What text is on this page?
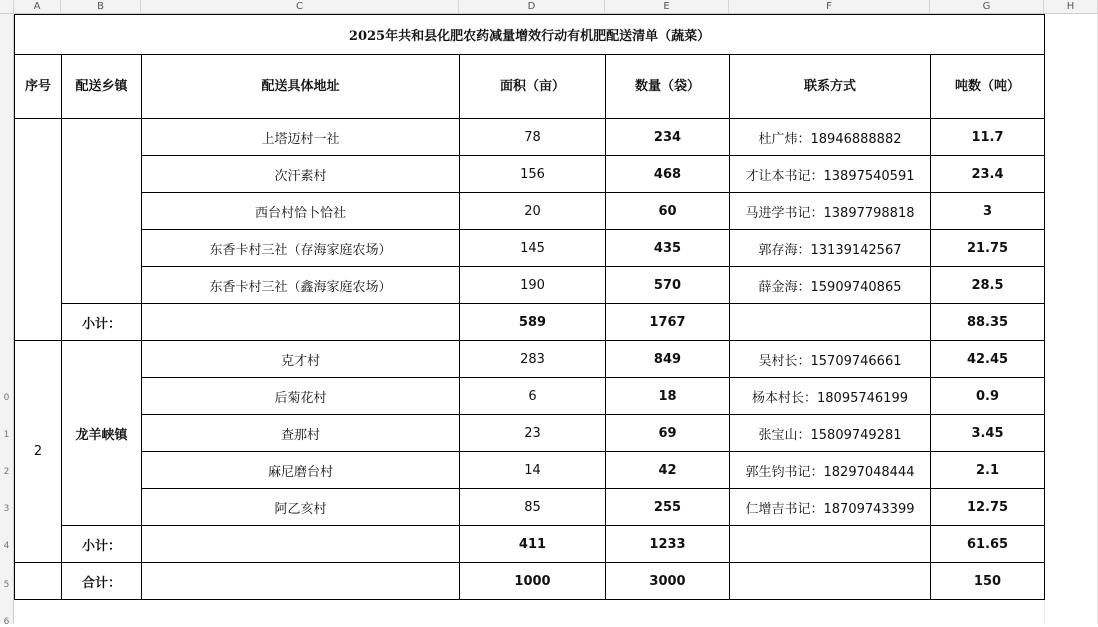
A	B	C	D	E	F	G	H
0
1
2
3
4
5
6
2025年共和县化肥农药减量增效行动有机肥配送清单（蔬菜）						
序号	配送乡镇	配送具体地址	面积（亩）	数量（袋）	联系方式	吨数（吨）
		上塔迈村一社	78	234	杜广炜：18946888882	11.7
		次汗素村	156	468	才让本书记：13897540591	23.4
		西台村恰卜恰社	20	60	马进学书记：13897798818	3
		东香卡村三社（存海家庭农场）	145	435	郭存海：13139142567	21.75
		东香卡村三社（鑫海家庭农场）	190	570	薛金海：15909740865	28.5
	小计：		589	1767		88.35
2	龙羊峡镇	克才村	283	849	吴村长：15709746661	42.45
		后菊花村	6	18	杨本村长：18095746199	0.9
		查那村	23	69	张宝山：15809749281	3.45
		麻尼磨台村	14	42	郭生钧书记：18297048444	2.1
		阿乙亥村	85	255	仁增吉书记：18709743399	12.75
	小计：		411	1233		61.65
	合计：		1000	3000		150
